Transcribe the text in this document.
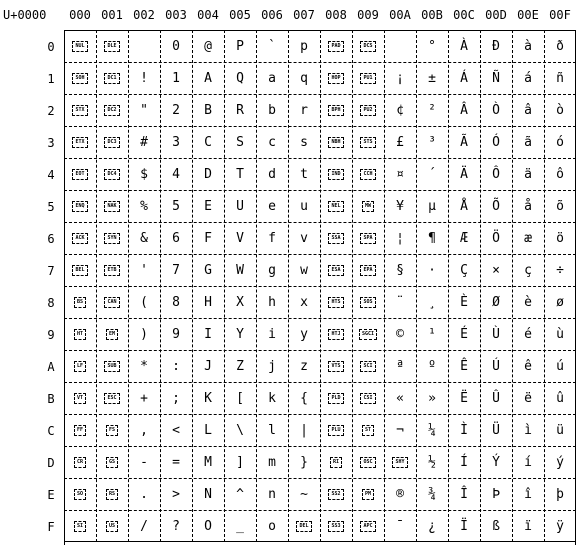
U+0000	000 001 002 003 004 005 006 007 008 009 00A 00B 00C 00D 00E 00F
0
1
2
3
4
5
6
7
8
9
A
B
C
D
E
F
NUL
SOH
STX
ETX
EOT
ENQ
ACK
BEL
BS
HT
LF
VT
FF
CR
SO
SI
DLE
DC1
DC2
DC3
DC4
NAK
SYN
ETB
CAN
EM
SUB
ESC
FS
GS
RS
US
!
"
#
$
%
&
'
(
)
*
+
,
-
.
/
0
1
2
3
4
5
6
7
8
9
:
;
<
=
>
?
@
A
B
C
D
E
F
G
H
I
J
K
L
M
N
O
P
Q
R
S
T
U
V
W
X
Y
Z
[
\
]
^
_
`
a
b
c
d
e
f
g
h
i
j
k
l
m
n
o
p
q
r
s
t
u
v
w
x
y
z
{
|
}
~
DEL
PAD
HOP
BPH
NBH
IND
NEL
SSA
ESA
HTS
HTJ
VTS
PLD
PLU
RI
SS2
SS3
DCS
PU1
PU2
STS
CCH
MW
SPA
EPA
SOS
SGCI
SCI
CSI
ST
OSC
PM
APC
¡
¢
£
¤
¥
¦
§
¨
©
ª
«
¬
SHY
®
¯
°
±
²
³
´
µ
¶
·
¸
¹
º
»
¼
½
¾
¿
À
Á
Â
Ã
Ä
Å
Æ
Ç
È
É
Ê
Ë
Ì
Í
Î
Ï
Ð
Ñ
Ò
Ó
Ô
Õ
Ö
×
Ø
Ù
Ú
Û
Ü
Ý
Þ
ß
à
á
â
ã
ä
å
æ
ç
è
é
ê
ë
ì
í
î
ï
ð
ñ
ò
ó
ô
õ
ö
÷
ø
ù
ú
û
ü
ý
þ
ÿ
